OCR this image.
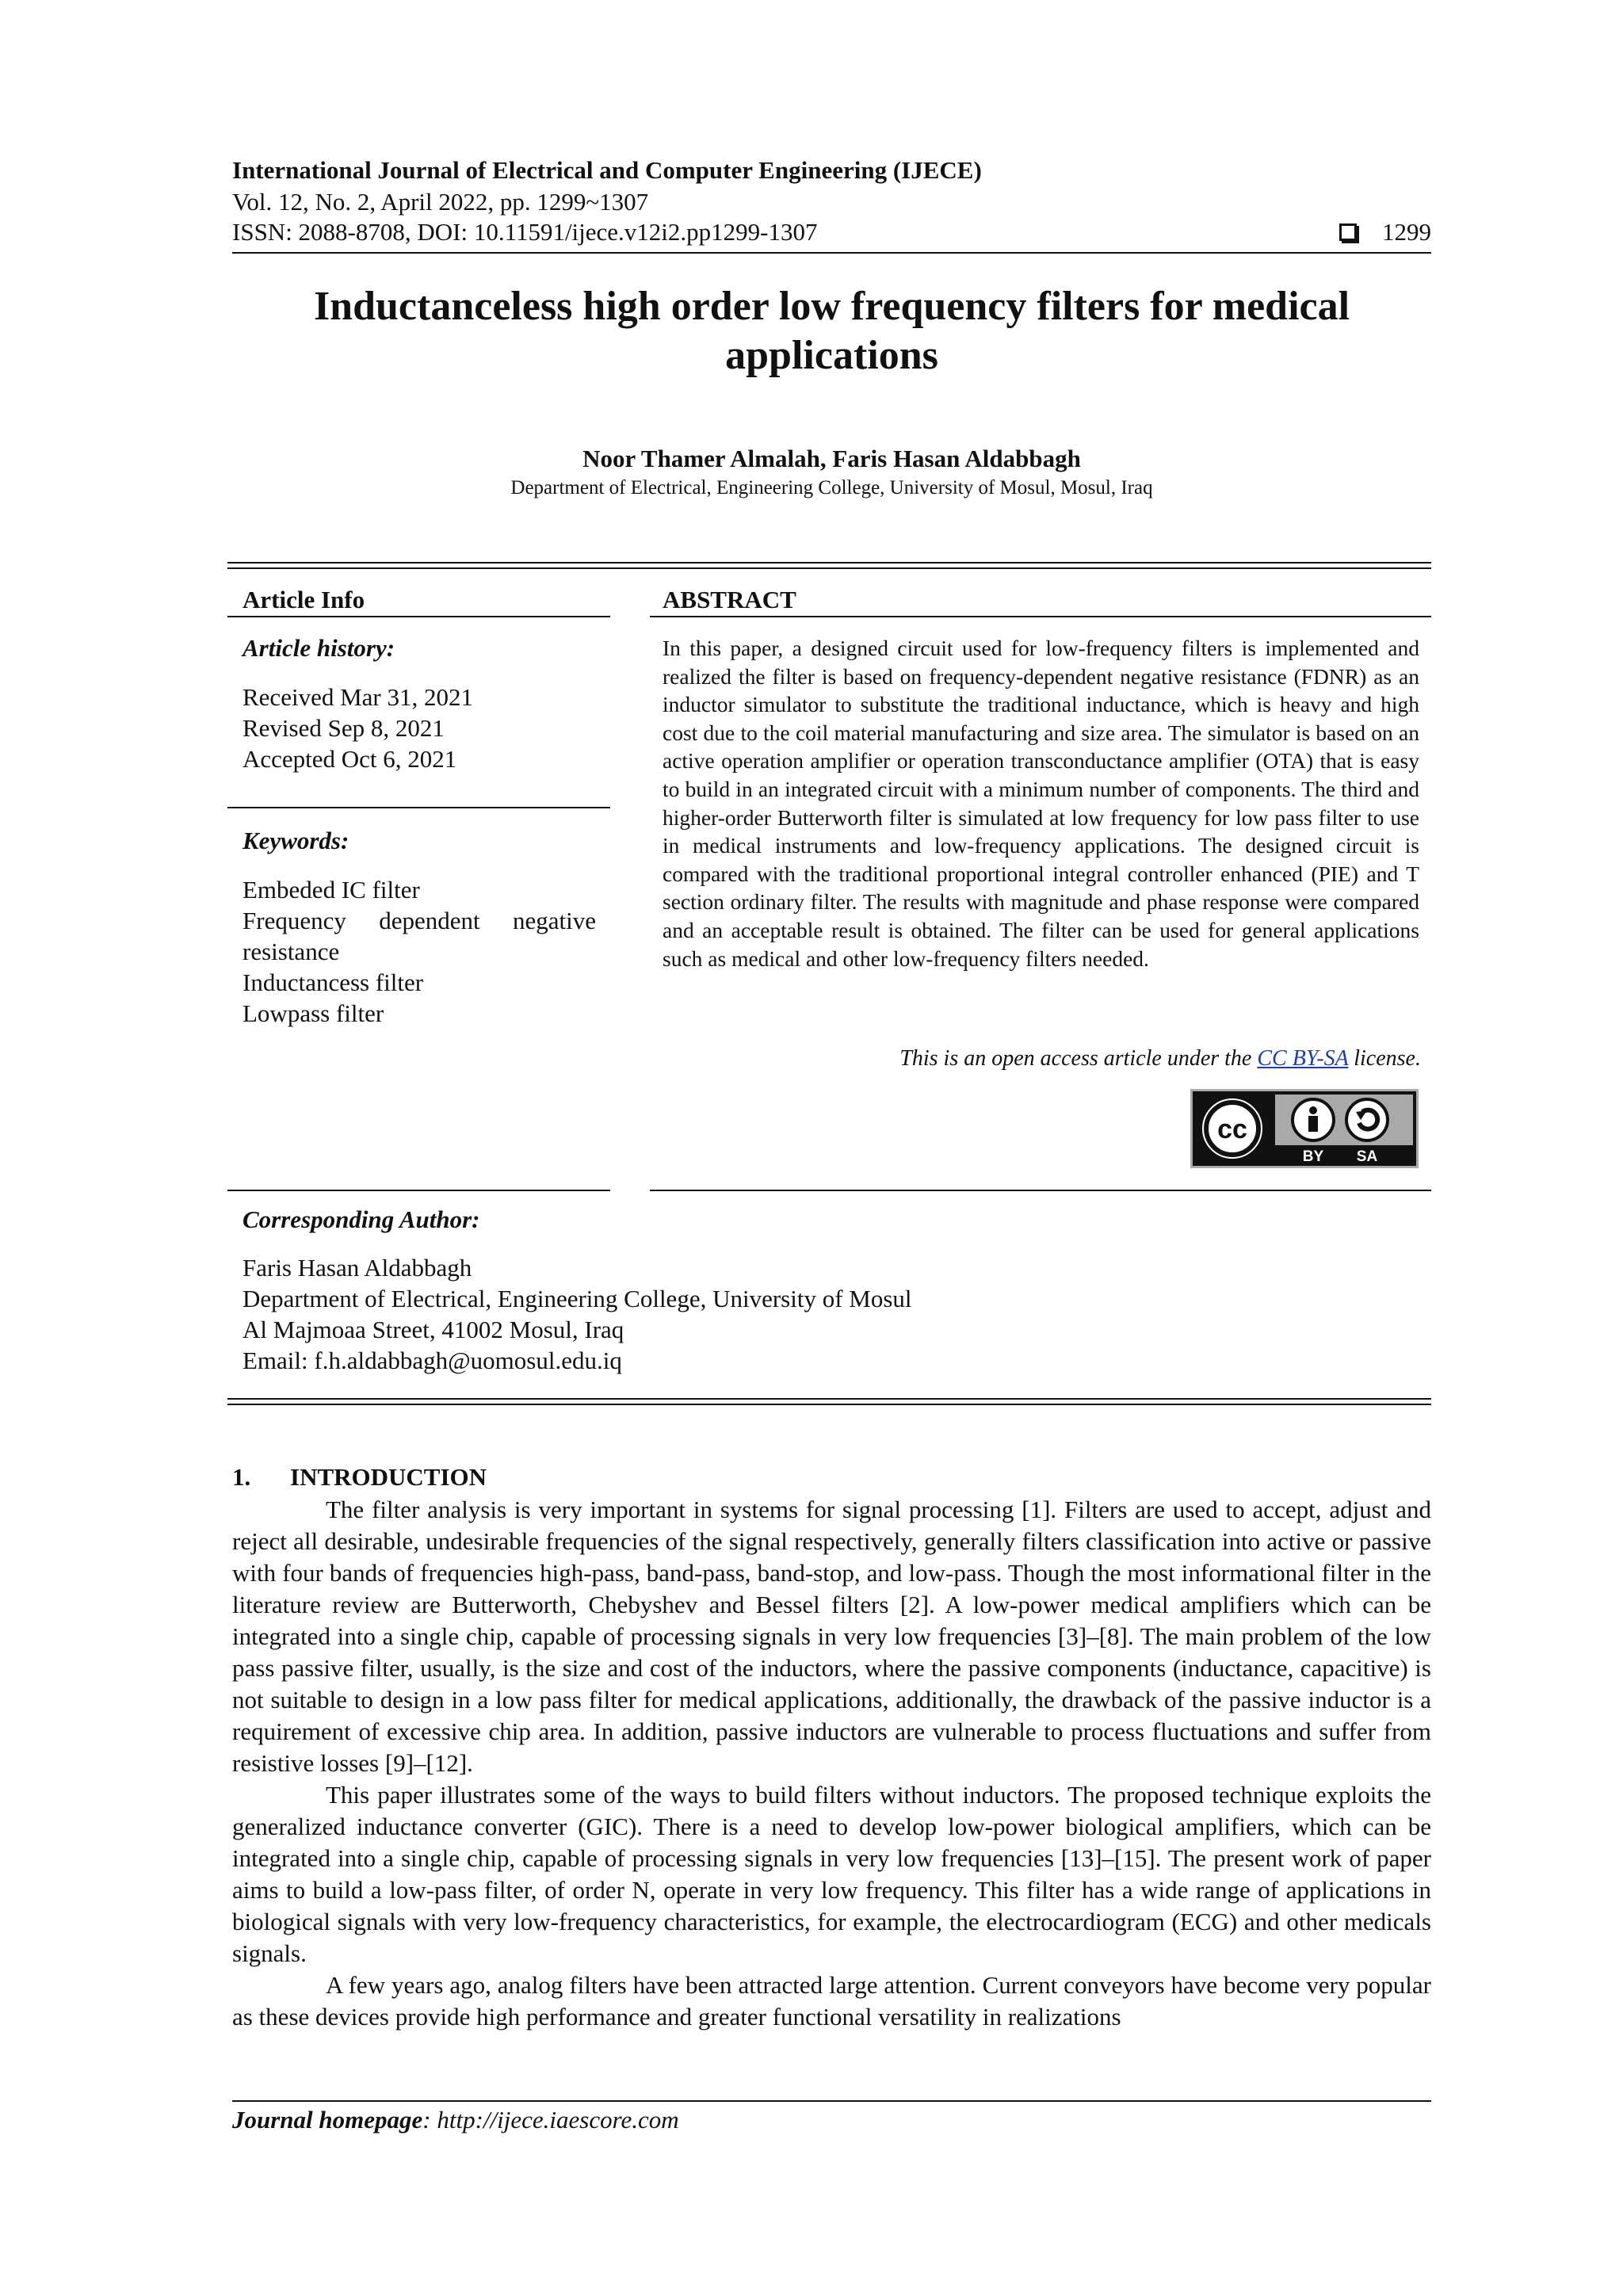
International Journal of Electrical and Computer Engineering (IJECE)
Vol. 12, No. 2, April 2022, pp. 1299~1307
ISSN: 2088-8708, DOI: 10.11591/ijece.v12i2.pp1299-1307	1299
Inductanceless high order low frequency filters for medical
applications
Noor Thamer Almalah, Faris Hasan Aldabbagh
Department of Electrical, Engineering College, University of Mosul, Mosul, Iraq
Article Info
Article history:
Received Mar 31, 2021
Revised Sep 8, 2021
Accepted Oct 6, 2021
Keywords:
Embeded IC filter
Frequency dependent negative resistance
Inductancess filter
Lowpass filter
ABSTRACT
In this paper, a designed circuit used for low-frequency filters is implemented and realized the filter is based on frequency-dependent negative resistance (FDNR) as an inductor simulator to substitute the traditional inductance, which is heavy and high cost due to the coil material manufacturing and size area. The simulator is based on an active operation amplifier or operation transconductance amplifier (OTA) that is easy to build in an integrated circuit with a minimum number of components. The third and higher-order Butterworth filter is simulated at low frequency for low pass filter to use in medical instruments and low-frequency applications. The designed circuit is compared with the traditional proportional integral controller enhanced (PIE) and T section ordinary filter. The results with magnitude and phase response were compared and an acceptable result is obtained. The filter can be used for general applications such as medical and other low-frequency filters needed.
This is an open access article under the CC BY-SA license.
cc
BY SA
Corresponding Author:
Faris Hasan Aldabbagh
Department of Electrical, Engineering College, University of Mosul
Al Majmoaa Street, 41002 Mosul, Iraq
Email: f.h.aldabbagh@uomosul.edu.iq
1. INTRODUCTION

The filter analysis is very important in systems for signal processing [1]. Filters are used to accept, adjust and reject all desirable, undesirable frequencies of the signal respectively, generally filters classification into active or passive with four bands of frequencies high-pass, band-pass, band-stop, and low-pass. Though the most informational filter in the literature review are Butterworth, Chebyshev and Bessel filters [2]. A low-power medical amplifiers which can be integrated into a single chip, capable of processing signals in very low frequencies [3]–[8]. The main problem of the low pass passive filter, usually, is the size and cost of the inductors, where the passive components (inductance, capacitive) is not suitable to design in a low pass filter for medical applications, additionally, the drawback of the passive inductor is a requirement of excessive chip area. In addition, passive inductors are vulnerable to process fluctuations and suffer from resistive losses [9]–[12].

This paper illustrates some of the ways to build filters without inductors. The proposed technique exploits the generalized inductance converter (GIC). There is a need to develop low-power biological amplifiers, which can be integrated into a single chip, capable of processing signals in very low frequencies [13]–[15]. The present work of paper aims to build a low-pass filter, of order N, operate in very low frequency. This filter has a wide range of applications in biological signals with very low-frequency characteristics, for example, the electrocardiogram (ECG) and other medicals signals.

A few years ago, analog filters have been attracted large attention. Current conveyors have become very popular as these devices provide high performance and greater functional versatility in realizations

Journal homepage: http://ijece.iaescore.com
